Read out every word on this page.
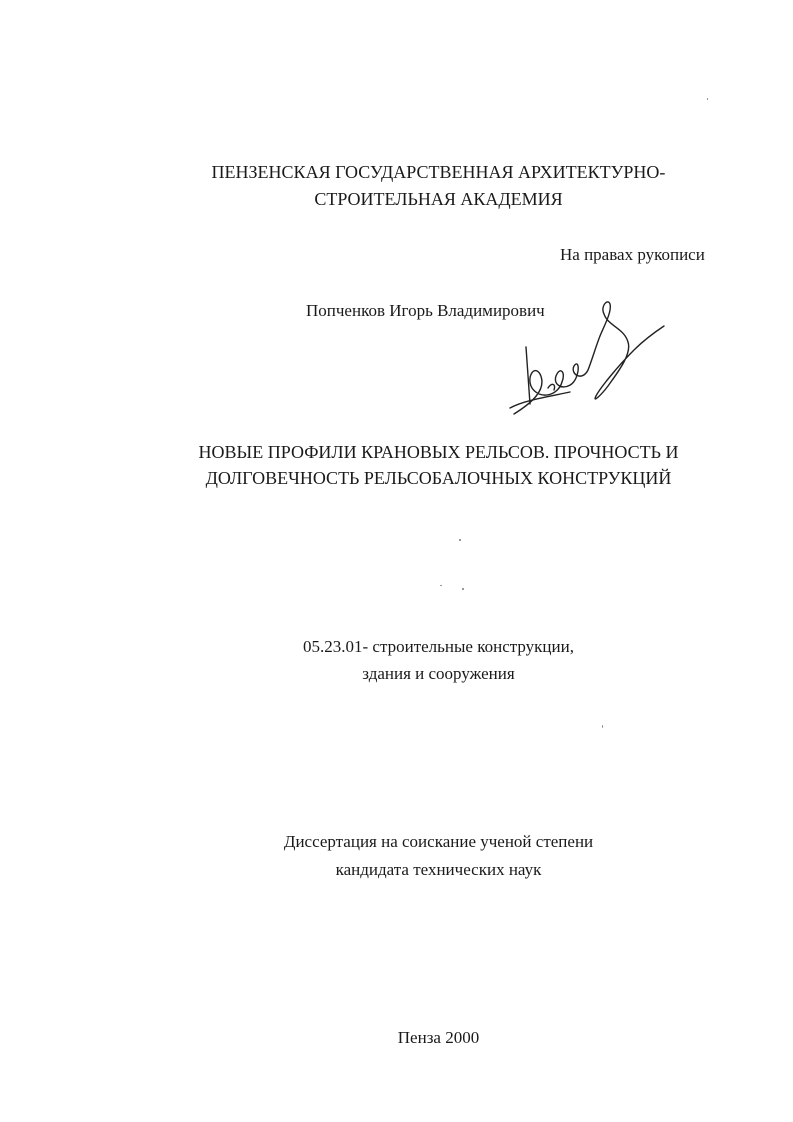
ПЕНЗЕНСКАЯ ГОСУДАРСТВЕННАЯ АРХИТЕКТУРНО-
СТРОИТЕЛЬНАЯ АКАДЕМИЯ
На правах рукописи
Попченков Игорь Владимирович
НОВЫЕ ПРОФИЛИ КРАНОВЫХ РЕЛЬСОВ. ПРОЧНОСТЬ И
ДОЛГОВЕЧНОСТЬ РЕЛЬСОБАЛОЧНЫХ КОНСТРУКЦИЙ
05.23.01- строительные конструкции,
здания и сооружения
Диссертация на соискание ученой степени
кандидата технических наук
Пенза 2000
